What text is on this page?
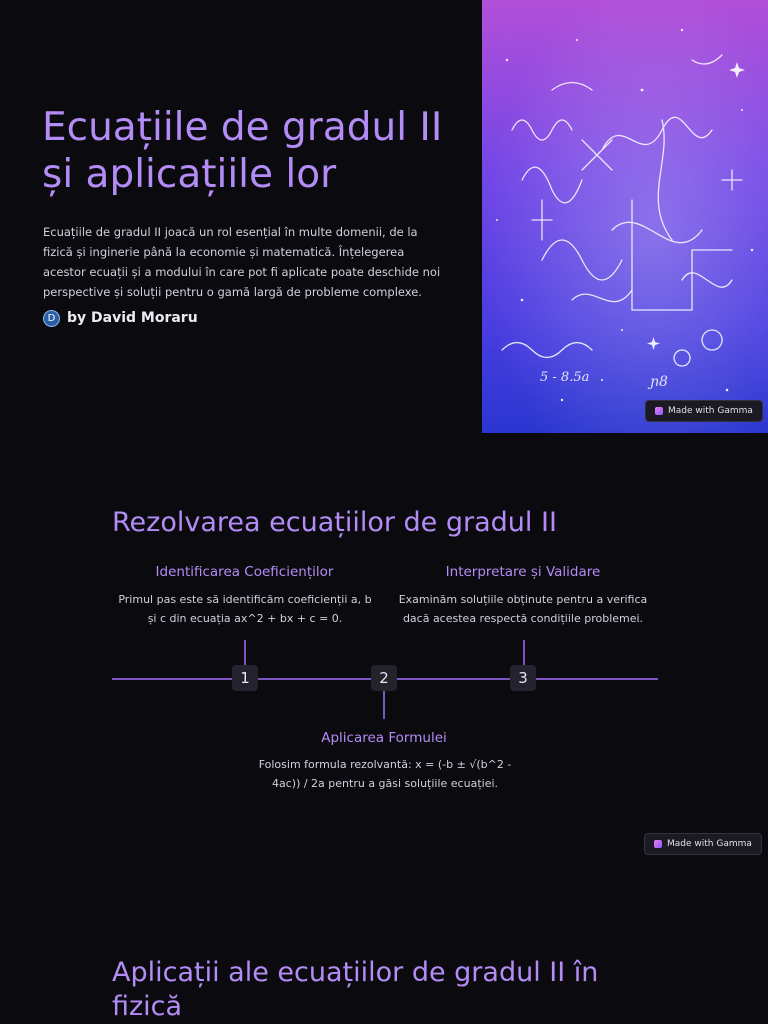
Ecuațiile de gradul II și aplicațiile lor

Ecuațiile de gradul II joacă un rol esențial în multe domenii, de la fizică și inginerie până la economie și matematică. Înțelegerea acestor ecuații și a modului în care pot fi aplicate poate deschide noi perspective și soluții pentru o gamă largă de probleme complexe.

D by David Moraru
5 - 8.5a	ɲ8
Made with Gamma
Rezolvarea ecuațiilor de gradul II

Identificarea Coeficienților

Primul pas este să identificăm coeficienții a, b și c din ecuația ax^2 + bx + c = 0.

Interpretare și Validare

Examinăm soluțiile obținute pentru a verifica dacă acestea respectă condițiile problemei.

1	2	3

Aplicarea Formulei

Folosim formula rezolvantă: x = (-b ± √(b^2 - 4ac)) / 2a pentru a găsi soluțiile ecuației.

Made with Gamma
Aplicații ale ecuațiilor de gradul II în fizică
